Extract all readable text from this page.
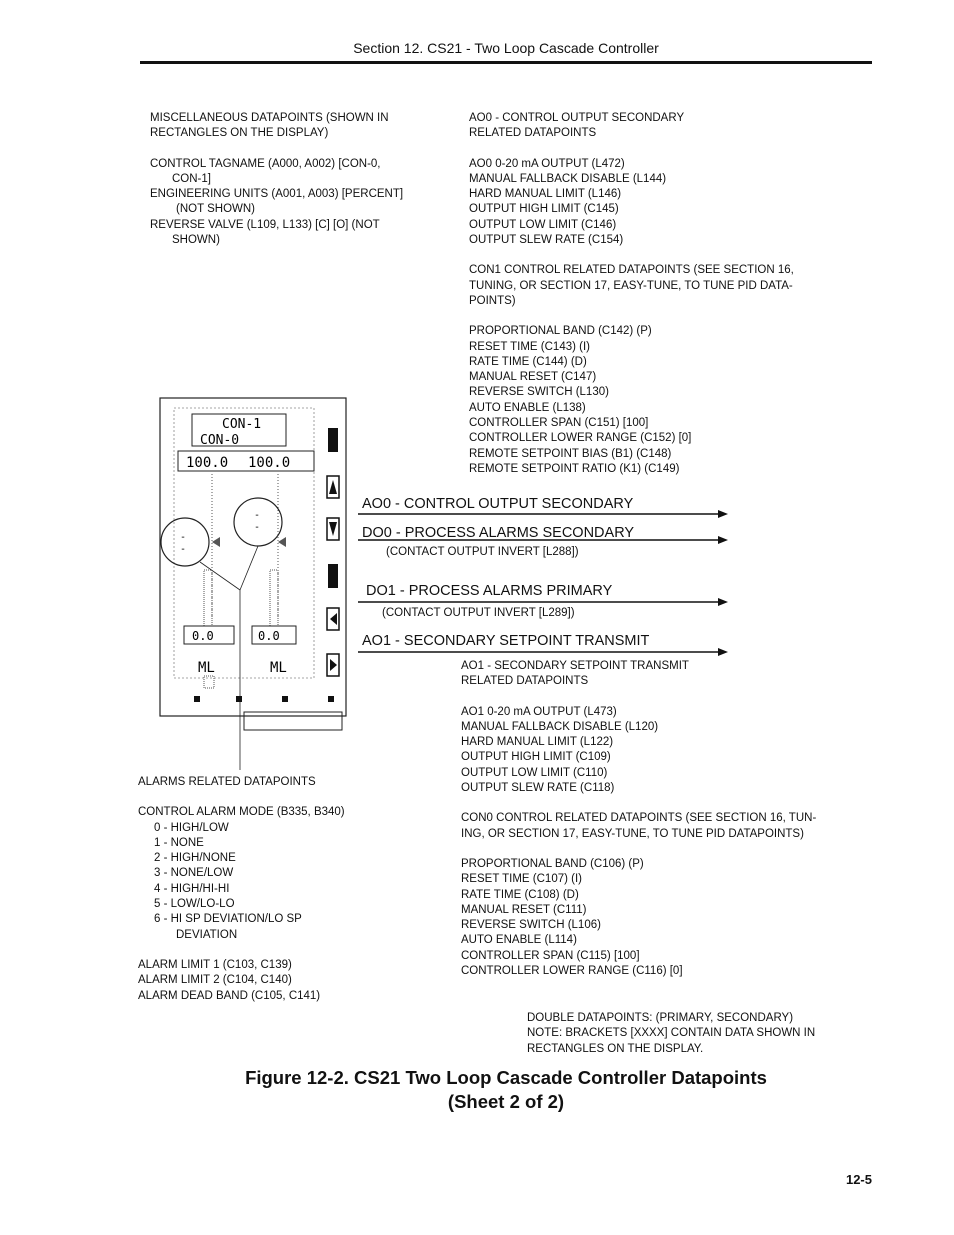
Section 12. CS21 - Two Loop Cascade Controller
MISCELLANEOUS DATAPOINTS (SHOWN IN
RECTANGLES ON THE DISPLAY)
CONTROL TAGNAME (A000, A002) [CON-0,
CON-1]
ENGINEERING UNITS (A001, A003) [PERCENT]
(NOT SHOWN)
REVERSE VALVE (L109, L133) [C] [O] (NOT
SHOWN)
AO0 - CONTROL OUTPUT SECONDARY
RELATED DATAPOINTS
AO0 0-20 mA OUTPUT (L472)
MANUAL FALLBACK DISABLE (L144)
HARD MANUAL LIMIT (L146)
OUTPUT HIGH LIMIT (C145)
OUTPUT LOW LIMIT (C146)
OUTPUT SLEW RATE (C154)
CON1 CONTROL RELATED DATAPOINTS (SEE SECTION 16,
TUNING, OR SECTION 17, EASY-TUNE, TO TUNE PID DATA-
POINTS)
PROPORTIONAL BAND (C142) (P)
RESET TIME (C143) (I)
RATE TIME (C144) (D)
MANUAL RESET (C147)
REVERSE SWITCH (L130)
AUTO ENABLE (L138)
CONTROLLER SPAN (C151) [100]
CONTROLLER LOWER RANGE (C152) [0]
REMOTE SETPOINT BIAS (B1) (C148)
REMOTE SETPOINT RATIO (K1) (C149)
CON-1
CON-0
100.0 100.0
-
-
-
-
0.0	0.0
ML	ML
AO0 - CONTROL OUTPUT SECONDARY
DO0 - PROCESS ALARMS SECONDARY
(CONTACT OUTPUT INVERT [L288])
DO1 - PROCESS ALARMS PRIMARY
(CONTACT OUTPUT INVERT [L289])
AO1 - SECONDARY SETPOINT TRANSMIT
AO1 - SECONDARY SETPOINT TRANSMIT
RELATED DATAPOINTS
AO1 0-20 mA OUTPUT (L473)
MANUAL FALLBACK DISABLE (L120)
HARD MANUAL LIMIT (L122)
OUTPUT HIGH LIMIT (C109)
OUTPUT LOW LIMIT (C110)
OUTPUT SLEW RATE (C118)
CON0 CONTROL RELATED DATAPOINTS (SEE SECTION 16, TUN-
ING, OR SECTION 17, EASY-TUNE, TO TUNE PID DATAPOINTS)
PROPORTIONAL BAND (C106) (P)
RESET TIME (C107) (I)
RATE TIME (C108) (D)
MANUAL RESET (C111)
REVERSE SWITCH (L106)
AUTO ENABLE (L114)
CONTROLLER SPAN (C115) [100]
CONTROLLER LOWER RANGE (C116) [0]
ALARMS RELATED DATAPOINTS
CONTROL ALARM MODE (B335, B340)
0 - HIGH/LOW
1 - NONE
2 - HIGH/NONE
3 - NONE/LOW
4 - HIGH/HI-HI
5 - LOW/LO-LO
6 - HI SP DEVIATION/LO SP
DEVIATION
ALARM LIMIT 1 (C103, C139)
ALARM LIMIT 2 (C104, C140)
ALARM DEAD BAND (C105, C141)
DOUBLE DATAPOINTS: (PRIMARY, SECONDARY)
NOTE: BRACKETS [XXXX] CONTAIN DATA SHOWN IN
RECTANGLES ON THE DISPLAY.
Figure 12-2. CS21 Two Loop Cascade Controller Datapoints
(Sheet 2 of 2)
12-5
